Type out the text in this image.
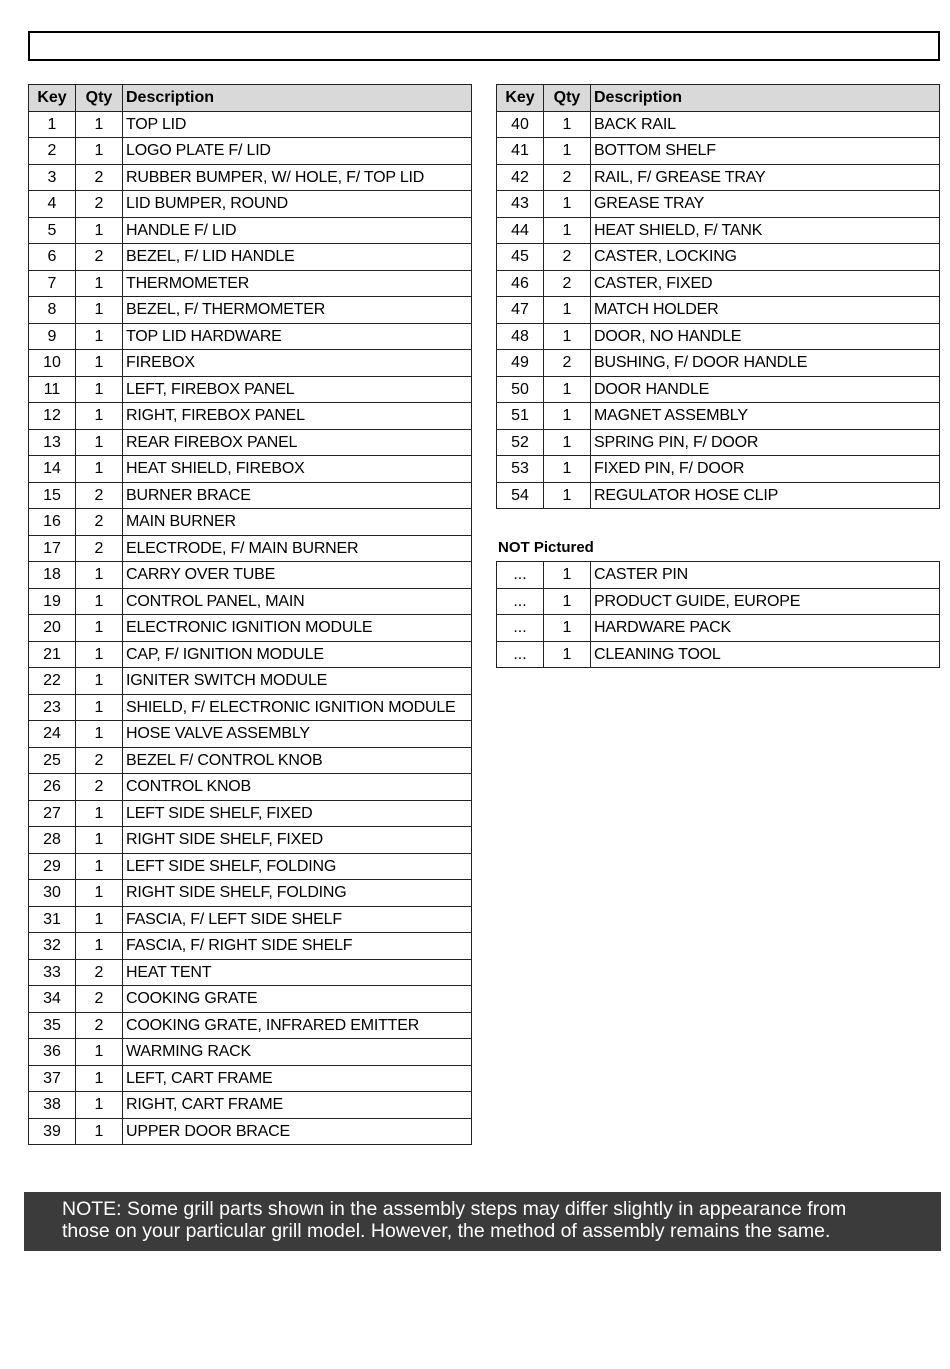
Key	Qty	Description
1	1	TOP LID
2	1	LOGO PLATE F/ LID
3	2	RUBBER BUMPER, W/ HOLE, F/ TOP LID
4	2	LID BUMPER, ROUND
5	1	HANDLE F/ LID
6	2	BEZEL, F/ LID HANDLE
7	1	THERMOMETER
8	1	BEZEL, F/ THERMOMETER
9	1	TOP LID HARDWARE
10	1	FIREBOX
11	1	LEFT, FIREBOX PANEL
12	1	RIGHT, FIREBOX PANEL
13	1	REAR FIREBOX PANEL
14	1	HEAT SHIELD, FIREBOX
15	2	BURNER BRACE
16	2	MAIN BURNER
17	2	ELECTRODE, F/ MAIN BURNER
18	1	CARRY OVER TUBE
19	1	CONTROL PANEL, MAIN
20	1	ELECTRONIC IGNITION MODULE
21	1	CAP, F/ IGNITION MODULE
22	1	IGNITER SWITCH MODULE
23	1	SHIELD, F/ ELECTRONIC IGNITION MODULE
24	1	HOSE VALVE ASSEMBLY
25	2	BEZEL F/ CONTROL KNOB
26	2	CONTROL KNOB
27	1	LEFT SIDE SHELF, FIXED
28	1	RIGHT SIDE SHELF, FIXED
29	1	LEFT SIDE SHELF, FOLDING
30	1	RIGHT SIDE SHELF, FOLDING
31	1	FASCIA, F/ LEFT SIDE SHELF
32	1	FASCIA, F/ RIGHT SIDE SHELF
33	2	HEAT TENT
34	2	COOKING GRATE
35	2	COOKING GRATE, INFRARED EMITTER
36	1	WARMING RACK
37	1	LEFT, CART FRAME
38	1	RIGHT, CART FRAME
39	1	UPPER DOOR BRACE
Key	Qty	Description
40	1	BACK RAIL
41	1	BOTTOM SHELF
42	2	RAIL, F/ GREASE TRAY
43	1	GREASE TRAY
44	1	HEAT SHIELD, F/ TANK
45	2	CASTER, LOCKING
46	2	CASTER, FIXED
47	1	MATCH HOLDER
48	1	DOOR, NO HANDLE
49	2	BUSHING, F/ DOOR HANDLE
50	1	DOOR HANDLE
51	1	MAGNET ASSEMBLY
52	1	SPRING PIN, F/ DOOR
53	1	FIXED PIN, F/ DOOR
54	1	REGULATOR HOSE CLIP
NOT Pictured
...	1	CASTER PIN
...	1	PRODUCT GUIDE, EUROPE
...	1	HARDWARE PACK
...	1	CLEANING TOOL
NOTE: Some grill parts shown in the assembly steps may differ slightly in appearance from
those on your particular grill model. However, the method of assembly remains the same.
